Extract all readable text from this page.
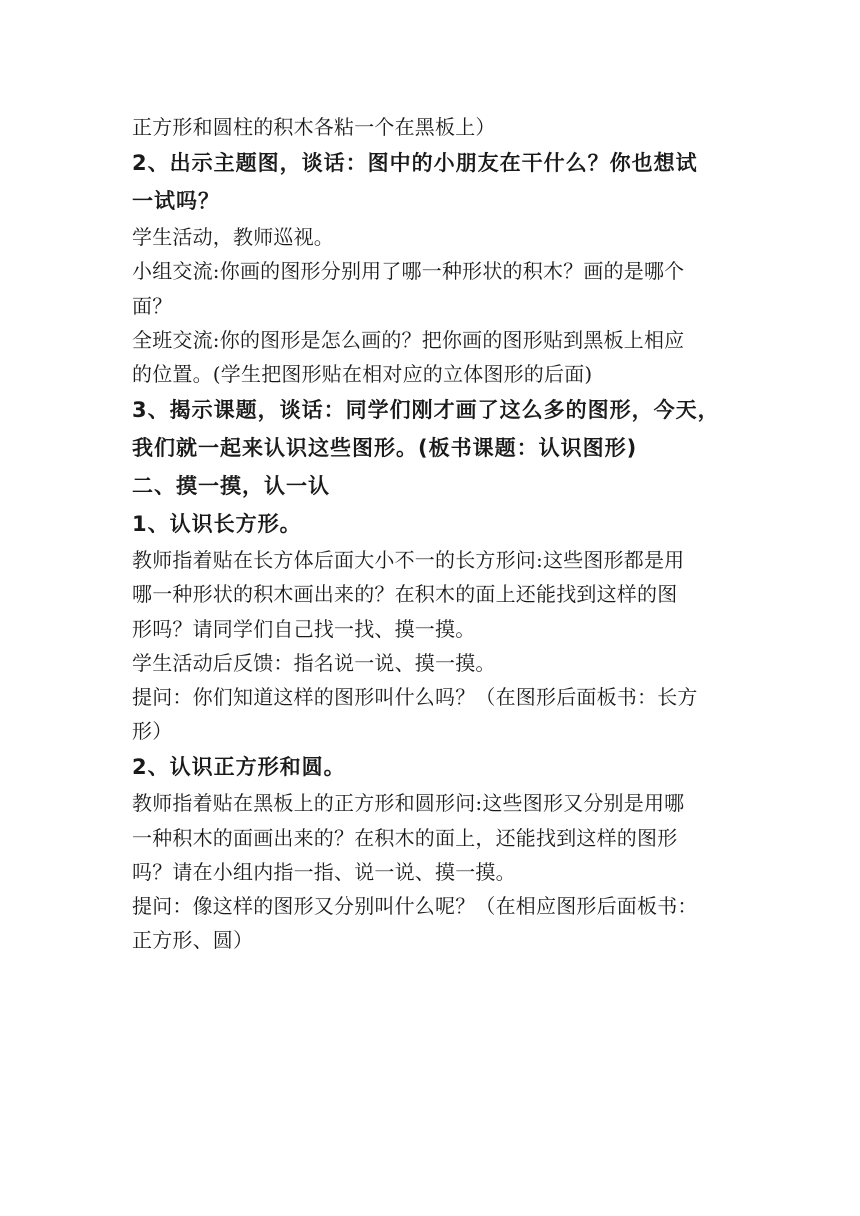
正方形和圆柱的积木各粘一个在黑板上）
2、出示主题图，谈话：图中的小朋友在干什么？你也想试
一试吗？
学生活动，教师巡视。
小组交流:你画的图形分别用了哪一种形状的积木？画的是哪个
面？
全班交流:你的图形是怎么画的？把你画的图形贴到黑板上相应
的位置。(学生把图形贴在相对应的立体图形的后面)
3、揭示课题，谈话：同学们刚才画了这么多的图形，今天，
我们就一起来认识这些图形。(板书课题：认识图形)
二、摸一摸，认一认
1、认识长方形。
教师指着贴在长方体后面大小不一的长方形问:这些图形都是用
哪一种形状的积木画出来的？在积木的面上还能找到这样的图
形吗？请同学们自己找一找、摸一摸。
学生活动后反馈：指名说一说、摸一摸。
提问：你们知道这样的图形叫什么吗？（在图形后面板书：长方
形）
2、认识正方形和圆。
教师指着贴在黑板上的正方形和圆形问:这些图形又分别是用哪
一种积木的面画出来的？在积木的面上，还能找到这样的图形
吗？请在小组内指一指、说一说、摸一摸。
提问：像这样的图形又分别叫什么呢？（在相应图形后面板书：
正方形、圆）
